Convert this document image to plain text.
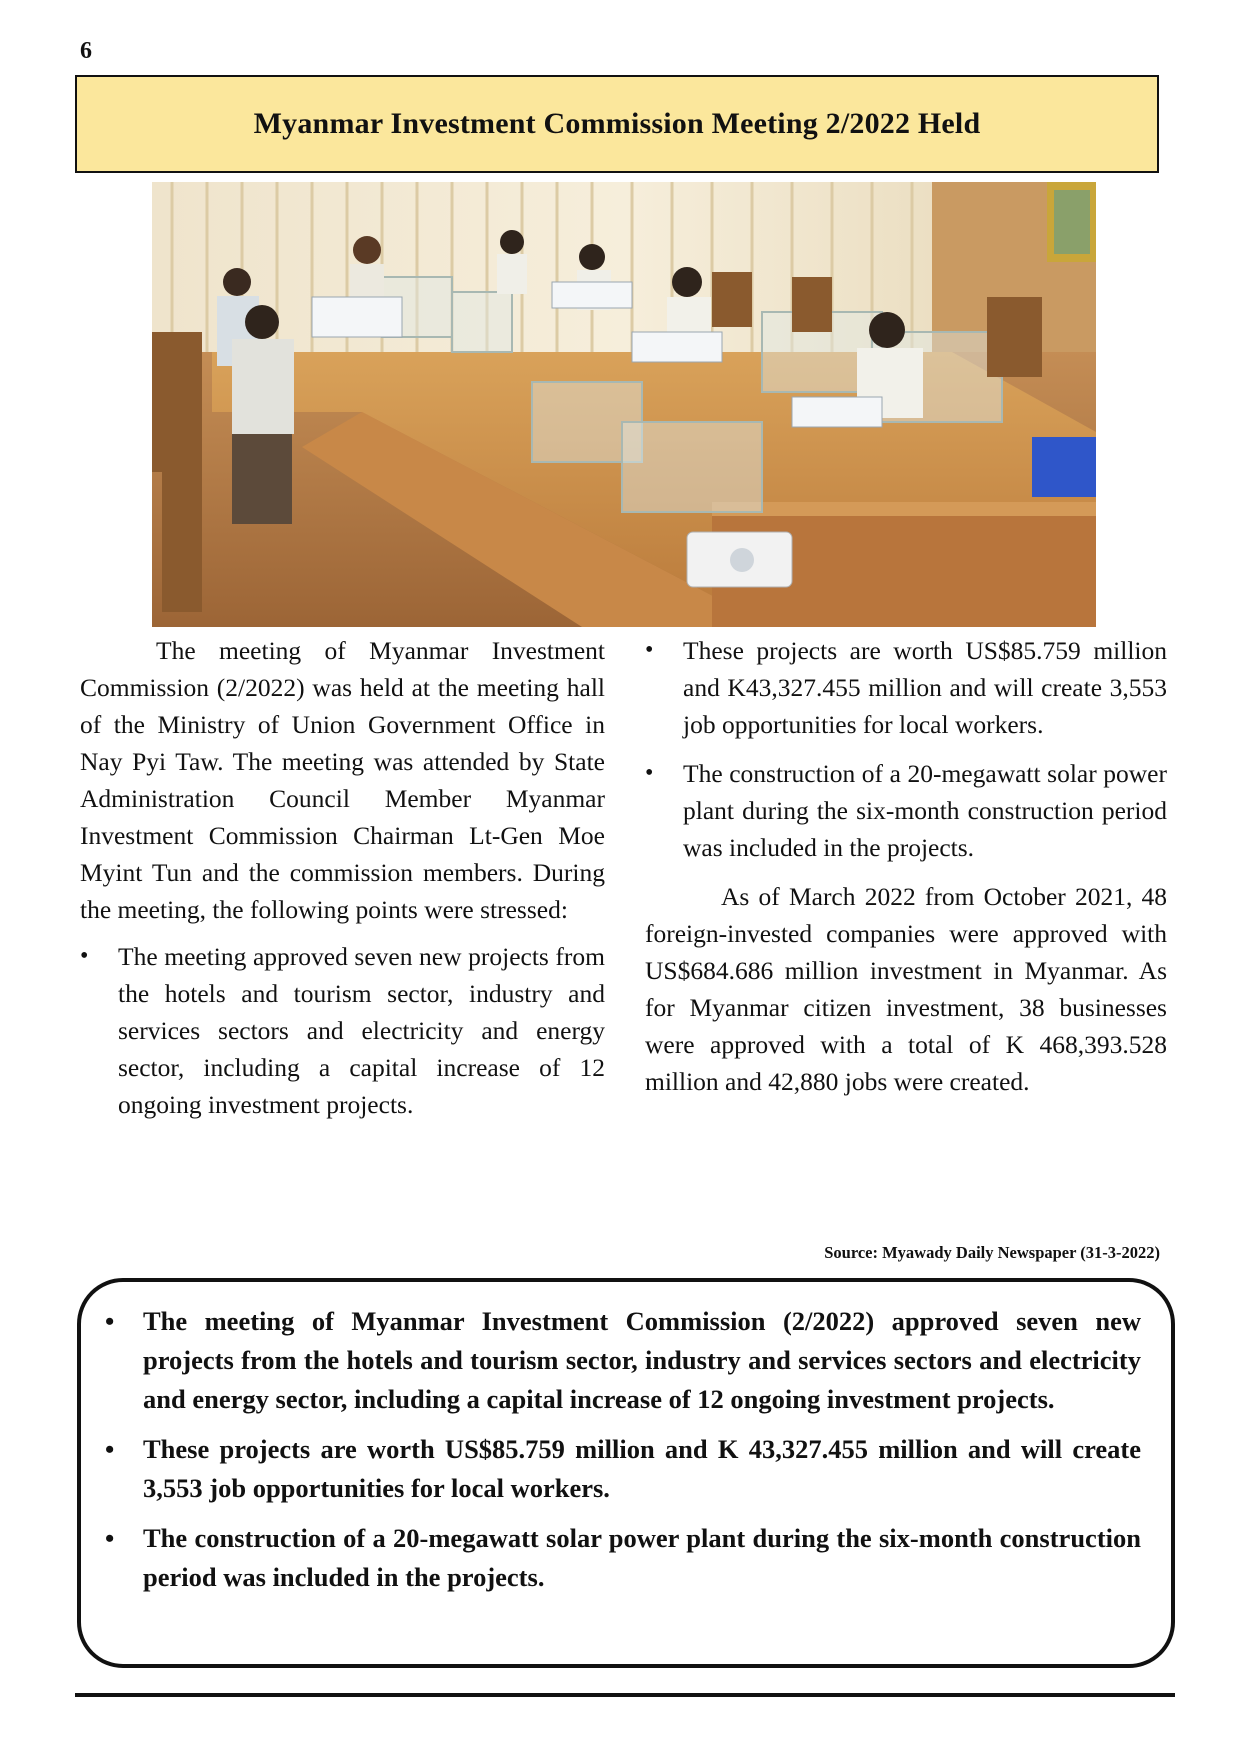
6
Myanmar Investment Commission Meeting 2/2022 Held

The meeting of Myanmar Investment Commission (2/2022) was held at the meeting hall of the Ministry of Union Government Office in Nay Pyi Taw. The meeting was attended by State Administration Council Member Myanmar Investment Commission Chairman Lt-Gen Moe Myint Tun and the commission members. During the meeting, the following points were stressed:

• The meeting approved seven new projects from the hotels and tourism sector, industry and services sectors and electricity and energy sector, including a capital increase of 12 ongoing investment projects.
• These projects are worth US$85.759 million and K43,327.455 million and will create 3,553 job opportunities for local workers.
• The construction of a 20-megawatt solar power plant during the six-month construction period was included in the projects.

As of March 2022 from October 2021, 48 foreign-invested companies were approved with US$684.686 million investment in Myanmar. As for Myanmar citizen investment, 38 businesses were approved with a total of K 468,393.528 million and 42,880 jobs were created.

Source: Myawady Daily Newspaper (31-3-2022)
• The meeting of Myanmar Investment Commission (2/2022) approved seven new projects from the hotels and tourism sector, industry and services sectors and electricity and energy sector, including a capital increase of 12 ongoing investment projects.
• These projects are worth US$85.759 million and K 43,327.455 million and will create 3,553 job opportunities for local workers.
• The construction of a 20-megawatt solar power plant during the six-month construction period was included in the projects.
